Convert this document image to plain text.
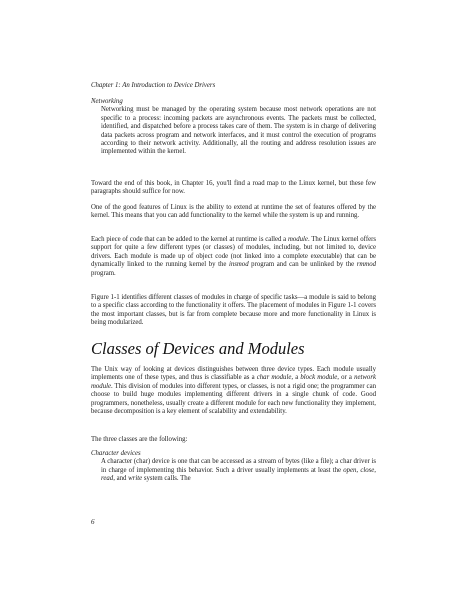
Chapter 1: An Introduction to Device Drivers

Networking

Networking must be managed by the operating system because most network operations are not specific to a process: incoming packets are asynchronous events. The packets must be collected, identified, and dispatched before a process takes care of them. The system is in charge of delivering data packets across program and network interfaces, and it must control the execution of programs according to their network activity. Additionally, all the routing and address resolution issues are implemented within the kernel.

Toward the end of this book, in Chapter 16, you'll find a road map to the Linux kernel, but these few paragraphs should suffice for now.

One of the good features of Linux is the ability to extend at runtime the set of features offered by the kernel. This means that you can add functionality to the kernel while the system is up and running.

Each piece of code that can be added to the kernel at runtime is called a module. The Linux kernel offers support for quite a few different types (or classes) of modules, including, but not limited to, device drivers. Each module is made up of object code (not linked into a complete executable) that can be dynamically linked to the running kernel by the insmod program and can be unlinked by the rmmod program.

Figure 1-1 identifies different classes of modules in charge of specific tasks—a module is said to belong to a specific class according to the functionality it offers. The placement of modules in Figure 1-1 covers the most important classes, but is far from complete because more and more functionality in Linux is being modularized.

Classes of Devices and Modules

The Unix way of looking at devices distinguishes between three device types. Each module usually implements one of these types, and thus is classifiable as a char module, a block module, or a network module. This division of modules into different types, or classes, is not a rigid one; the programmer can choose to build huge modules implementing different drivers in a single chunk of code. Good programmers, nonetheless, usually create a different module for each new functionality they implement, because decomposition is a key element of scalability and extendability.

The three classes are the following:

Character devices

A character (char) device is one that can be accessed as a stream of bytes (like a file); a char driver is in charge of implementing this behavior. Such a driver usually implements at least the open, close, read, and write system calls. The

6
